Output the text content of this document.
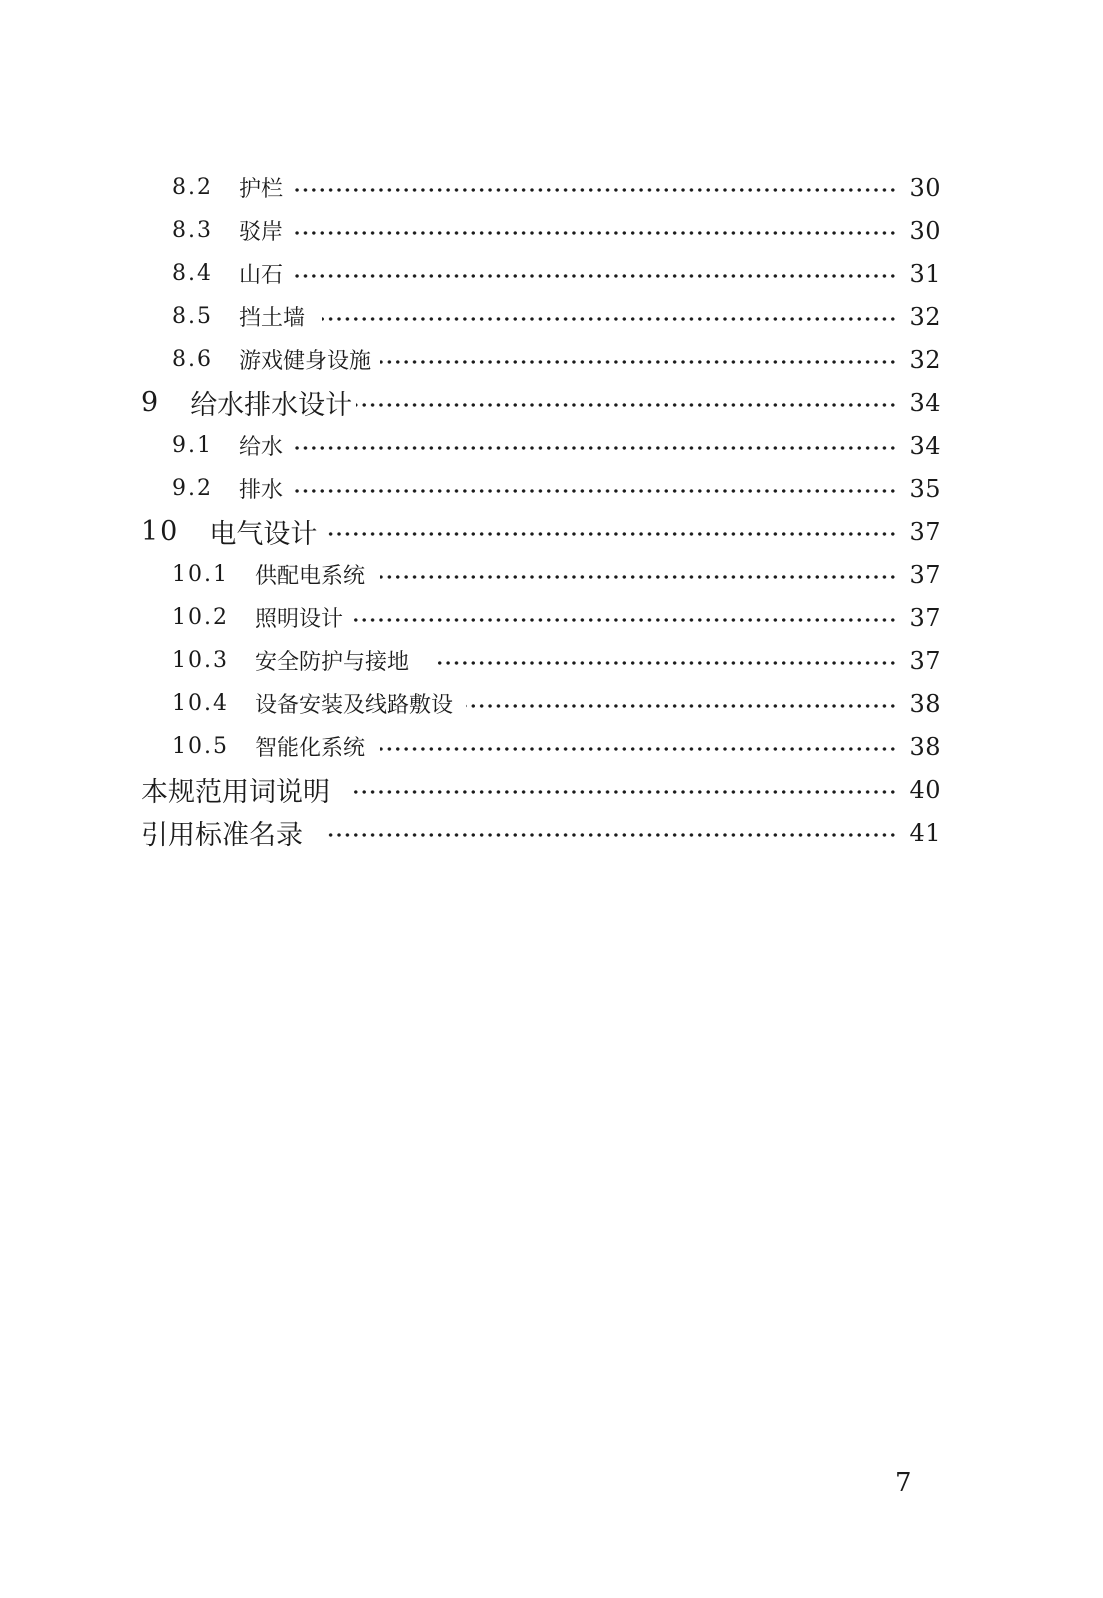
8.2 护栏	30
8.3 驳岸	30
8.4 山石	31
8.5 挡土墙	32
8.6 游戏健身设施	32
9 给水排水设计	34
9.1 给水	34
9.2 排水	35
10 电气设计	37
10.1 供配电系统	37
10.2 照明设计	37
10.3 安全防护与接地	37
10.4 设备安装及线路敷设	38
10.5 智能化系统	38
本规范用词说明	40
引用标准名录	41
7
